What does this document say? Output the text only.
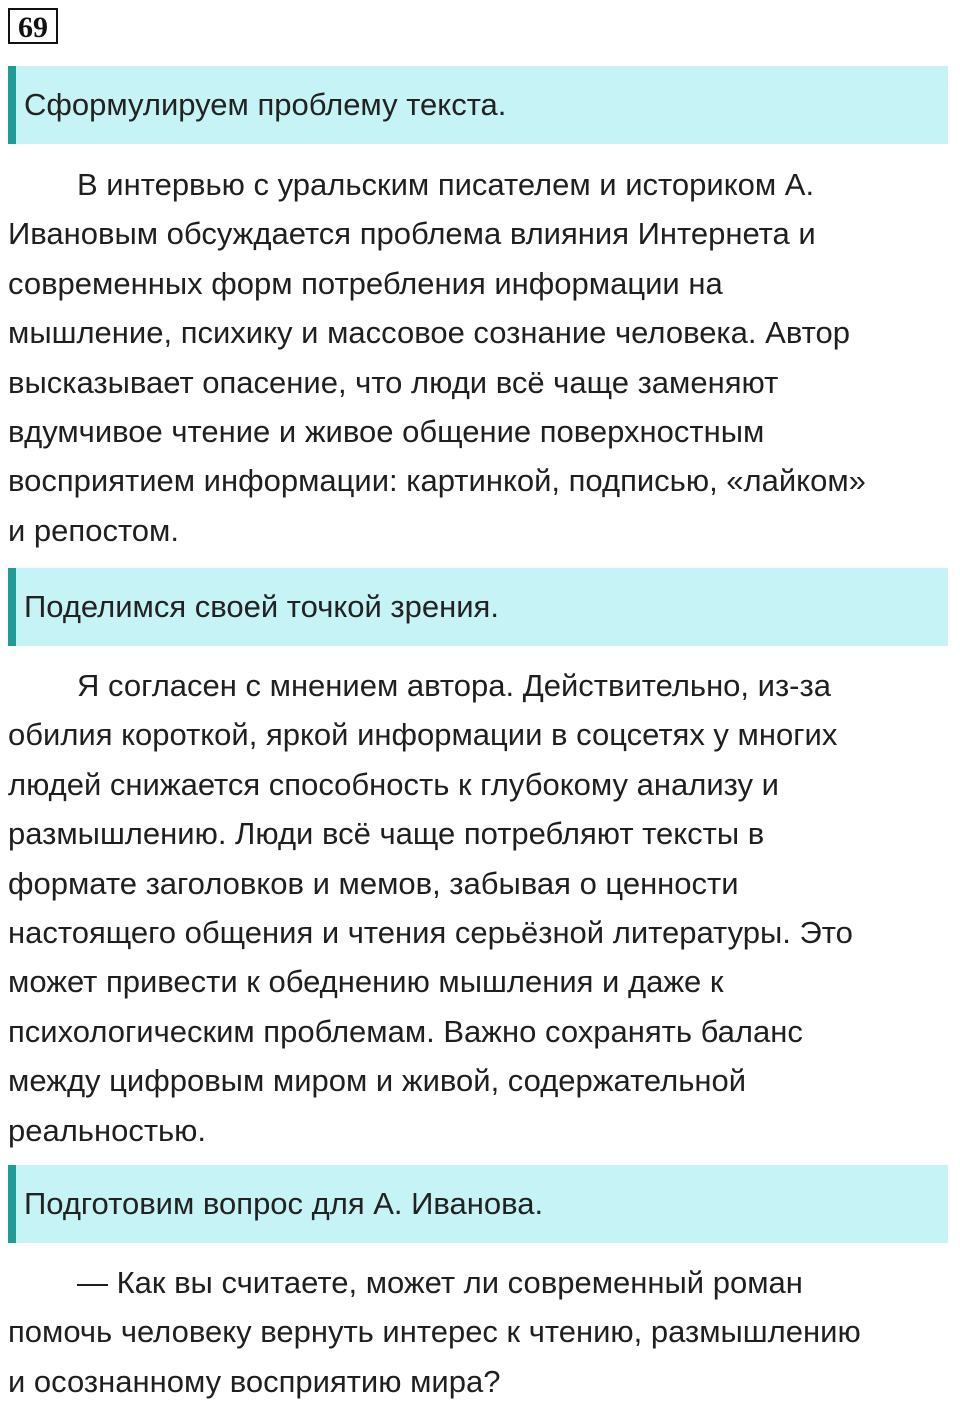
69
Сформулируем проблему текста.

В интервью с уральским писателем и историком А.
Ивановым обсуждается проблема влияния Интернета и
современных форм потребления информации на
мышление, психику и массовое сознание человека. Автор
высказывает опасение, что люди всё чаще заменяют
вдумчивое чтение и живое общение поверхностным
восприятием информации: картинкой, подписью, «лайком»
и репостом.

Поделимся своей точкой зрения.

Я согласен с мнением автора. Действительно, из-за
обилия короткой, яркой информации в соцсетях у многих
людей снижается способность к глубокому анализу и
размышлению. Люди всё чаще потребляют тексты в
формате заголовков и мемов, забывая о ценности
настоящего общения и чтения серьёзной литературы. Это
может привести к обеднению мышления и даже к
психологическим проблемам. Важно сохранять баланс
между цифровым миром и живой, содержательной
реальностью.

Подготовим вопрос для А. Иванова.

— Как вы считаете, может ли современный роман
помочь человеку вернуть интерес к чтению, размышлению
и осознанному восприятию мира?
